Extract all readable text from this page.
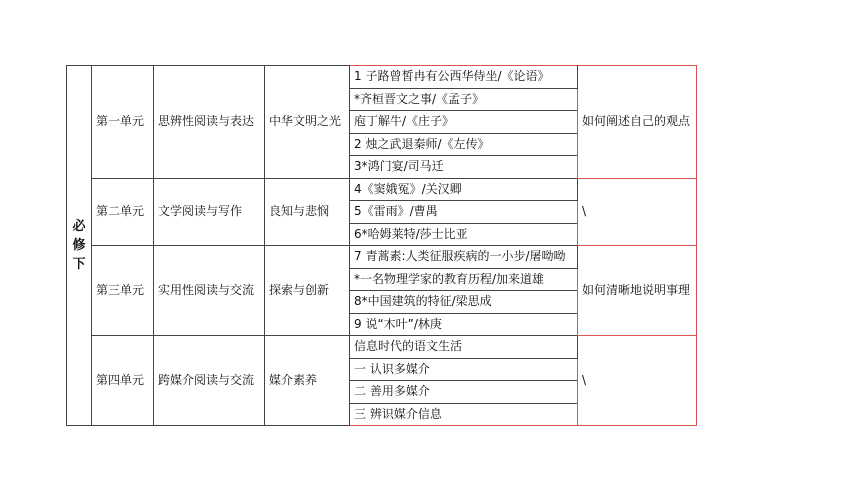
必修下	第一单元	思辨性阅读与表达	中华文明之光	1 子路曾皙冉有公西华侍坐/《论语》	如何阐述自己的观点
				*齐桓晋文之事/《孟子》	
				庖丁解牛/《庄子》	
				2 烛之武退秦师/《左传》	
				3*鸿门宴/司马迁	
	第二单元	文学阅读与写作	良知与悲悯	4《窦娥冤》/关汉卿	\
				5《雷雨》/曹禺	
				6*哈姆莱特/莎士比亚	
	第三单元	实用性阅读与交流	探索与创新	7 青蒿素:人类征服疾病的一小步/屠呦呦	如何清晰地说明事理
				*一名物理学家的教育历程/加来道雄	
				8*中国建筑的特征/梁思成	
				9 说“木叶”/林庚	
	第四单元	跨媒介阅读与交流	媒介素养	信息时代的语文生活	\
				一 认识多媒介	
				二 善用多媒介	
				三 辨识媒介信息	
